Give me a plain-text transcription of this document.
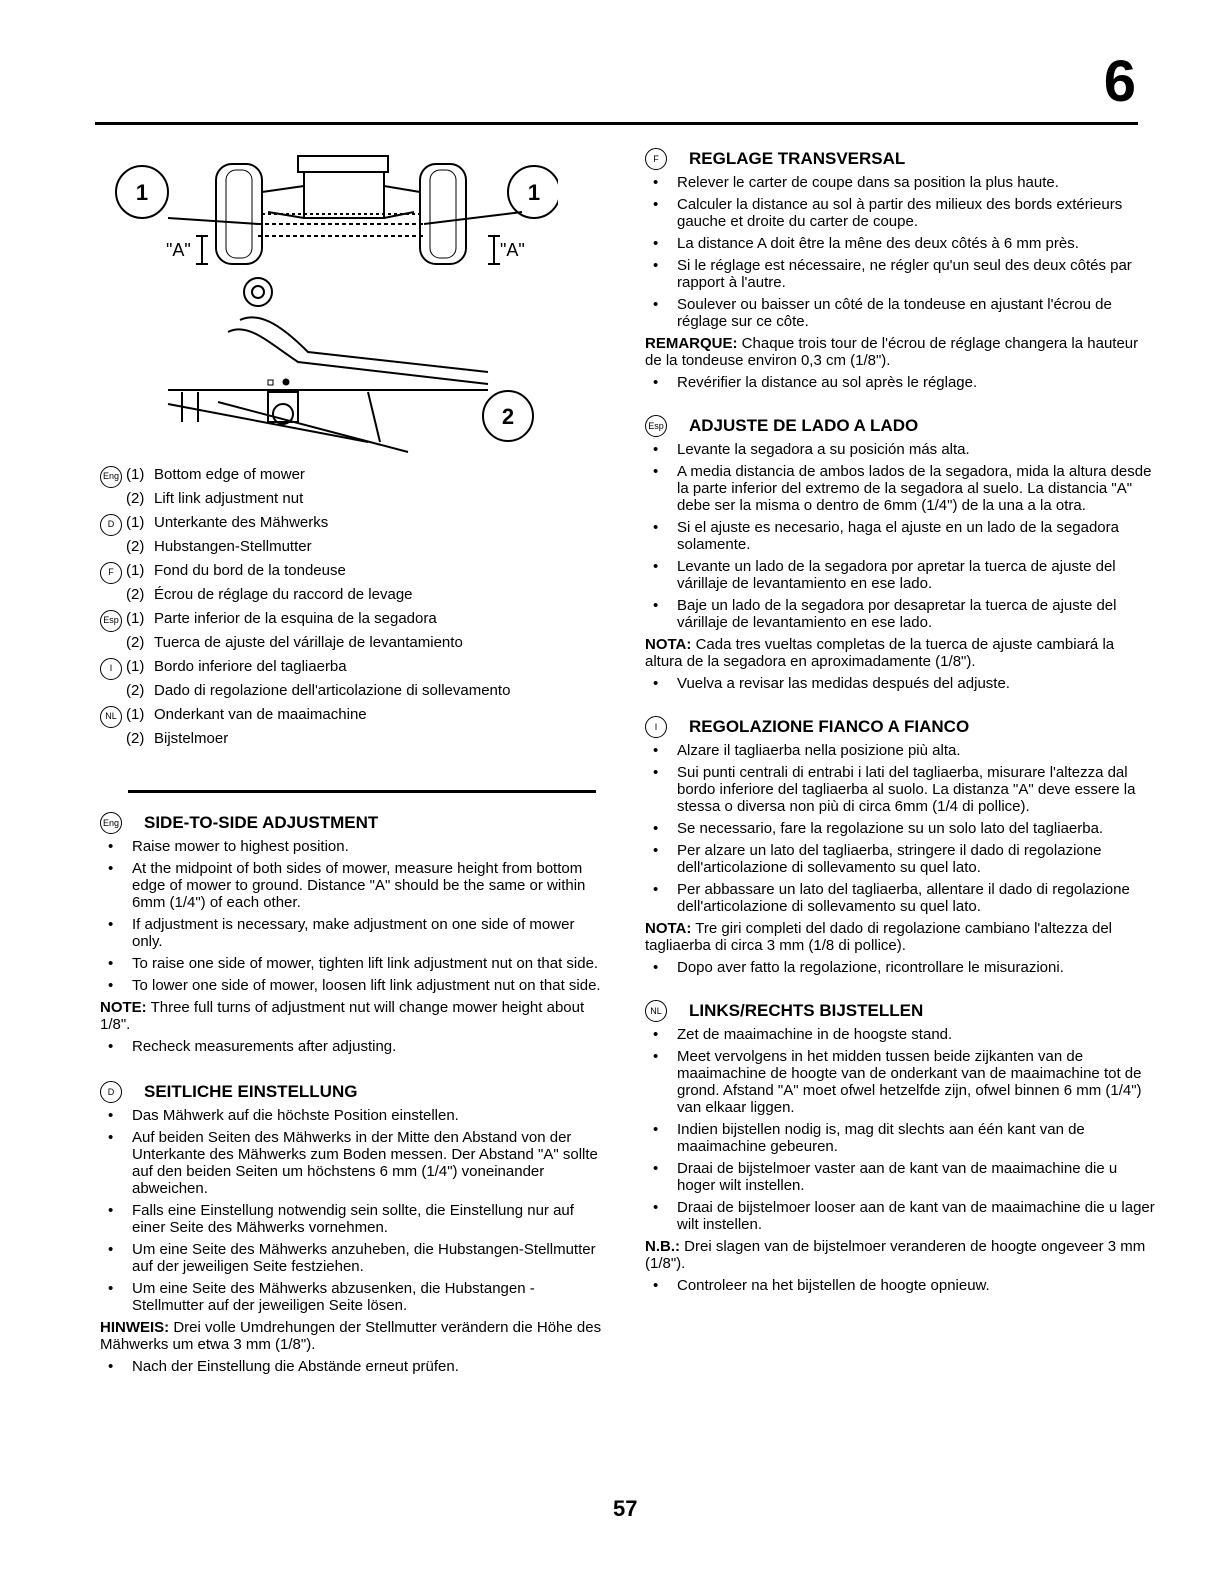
6
1	1
2
"A"	"A"
Eng (1) Bottom edge of mower
(2) Lift link adjustment nut
D (1) Unterkante des Mähwerks
(2) Hubstangen-Stellmutter
F (1) Fond du bord de la tondeuse
(2) Écrou de réglage du raccord de levage
Esp (1) Parte inferior de la esquina de la segadora
(2) Tuerca de ajuste del várillaje de levantamiento
I (1) Bordo inferiore del tagliaerba
(2) Dado di regolazione dell'articolazione di sollevamento
NL (1) Onderkant van de maaimachine
(2) Bijstelmoer
Eng SIDE-TO-SIDE ADJUSTMENT
• Raise mower to highest position.
• At the midpoint of both sides of mower, measure height from bottom edge of mower to ground. Distance "A" should be the same or within 6mm (1/4") of each other.
• If adjustment is necessary, make adjustment on one side of mower only.
• To raise one side of mower, tighten lift link adjustment nut on that side.
• To lower one side of mower, loosen lift link adjustment nut on that side.
NOTE: Three full turns of adjustment nut will change mower height about 1/8".
• Recheck measurements after adjusting.
D	SEITLICHE EINSTELLUNG
• Das Mähwerk auf die höchste Position einstellen.
• Auf beiden Seiten des Mähwerks in der Mitte den Abstand von der Unterkante des Mähwerks zum Boden messen. Der Abstand "A" sollte auf den beiden Seiten um höchstens 6 mm (1/4") voneinander abweichen.
• Falls eine Einstellung notwendig sein sollte, die Einstellung nur auf einer Seite des Mähwerks vornehmen.
• Um eine Seite des Mähwerks anzuheben, die Hubstangen-Stellmutter auf der jeweiligen Seite festziehen.
• Um eine Seite des Mähwerks abzusenken, die Hubstangen -Stellmutter auf der jeweiligen Seite lösen.
HINWEIS: Drei volle Umdrehungen der Stellmutter verändern die Höhe des Mähwerks um etwa 3 mm (1/8").
• Nach der Einstellung die Abstände erneut prüfen.
F	REGLAGE TRANSVERSAL
• Relever le carter de coupe dans sa position la plus haute.
• Calculer la distance au sol à partir des milieux des bords extérieurs gauche et droite du carter de coupe.
• La distance A doit être la mêne des deux côtés à 6 mm près.
• Si le réglage est nécessaire, ne régler qu'un seul des deux côtés par rapport à l'autre.
• Soulever ou baisser un côté de la tondeuse en ajustant l'écrou de réglage sur ce côte.
REMARQUE: Chaque trois tour de l'écrou de réglage changera la hauteur de la tondeuse environ 0,3 cm (1/8").
• Revérifier la distance au sol après le réglage.
Esp ADJUSTE DE LADO A LADO
• Levante la segadora a su posición más alta.
• A media distancia de ambos lados de la segadora, mida la altura desde la parte inferior del extremo de la segadora al suelo. La distancia "A" debe ser la misma o dentro de 6mm (1/4") de la una a la otra.
• Si el ajuste es necesario, haga el ajuste en un lado de la segadora solamente.
• Levante un lado de la segadora por apretar la tuerca de ajuste del várillaje de levantamiento en ese lado.
• Baje un lado de la segadora por desapretar la tuerca de ajuste del várillaje de levantamiento en ese lado.
NOTA: Cada tres vueltas completas de la tuerca de ajuste cambiará la altura de la segadora en aproximadamente (1/8").
• Vuelva a revisar las medidas después del adjuste.
I	REGOLAZIONE FIANCO A FIANCO
• Alzare il tagliaerba nella posizione più alta.
• Sui punti centrali di entrabi i lati del tagliaerba, misurare l'altezza dal bordo inferiore del tagliaerba al suolo. La distanza "A" deve essere la stessa o diversa non più di circa 6mm (1/4 di pollice).
• Se necessario, fare la regolazione su un solo lato del tagliaerba.
• Per alzare un lato del tagliaerba, stringere il dado di regolazione dell'articolazione di sollevamento su quel lato.
• Per abbassare un lato del tagliaerba, allentare il dado di regolazione dell'articolazione di sollevamento su quel lato.
NOTA: Tre giri completi del dado di regolazione cambiano l'altezza del tagliaerba di circa 3 mm (1/8 di pollice).
• Dopo aver fatto la regolazione, ricontrollare le misurazioni.
NL	LINKS/RECHTS BIJSTELLEN
• Zet de maaimachine in de hoogste stand.
• Meet vervolgens in het midden tussen beide zijkanten van de maaimachine de hoogte van de onderkant van de maaimachine tot de grond. Afstand "A" moet ofwel hetzelfde zijn, ofwel binnen 6 mm (1/4") van elkaar liggen.
• Indien bijstellen nodig is, mag dit slechts aan één kant van de maaimachine gebeuren.
• Draai de bijstelmoer vaster aan de kant van de maaimachine die u hoger wilt instellen.
• Draai de bijstelmoer looser aan de kant van de maaimachine die u lager wilt instellen.
N.B.: Drei slagen van de bijstelmoer veranderen de hoogte ongeveer 3 mm (1/8").
• Controleer na het bijstellen de hoogte opnieuw.
57
